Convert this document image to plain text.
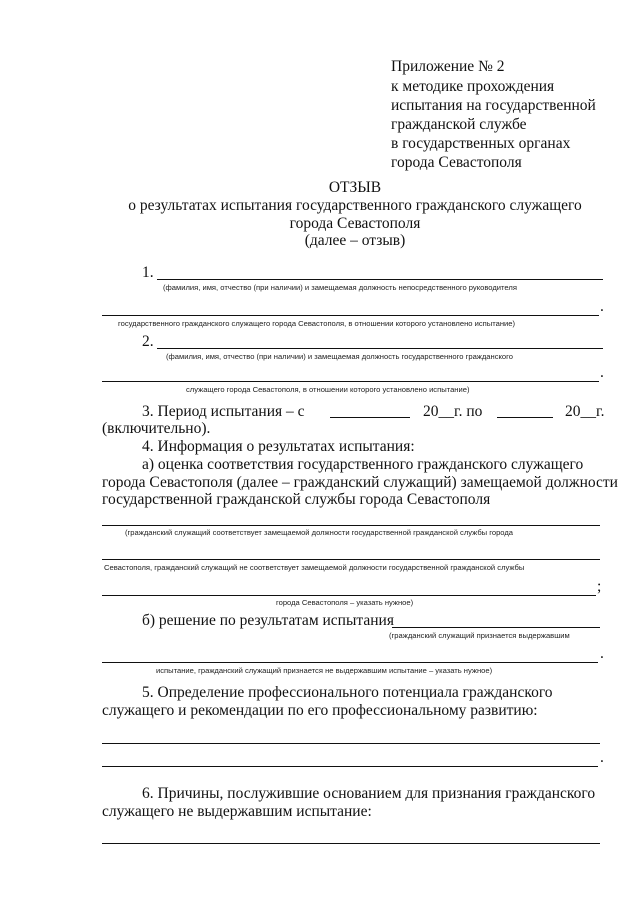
Приложение № 2
к методике прохождения
испытания на государственной
гражданской службе
в государственных органах
города Севастополя
ОТЗЫВ
о результатах испытания государственного гражданского служащего
города Севастополя
(далее – отзыв)
1.
(фамилия, имя, отчество (при наличии) и замещаемая должность непосредственного руководителя
.
государственного гражданского служащего города Севастополя, в отношении которого установлено испытание)
2.
(фамилия, имя, отчество (при наличии) и замещаемая должность государственного гражданского
.
служащего города Севастополя, в отношении которого установлено испытание)
3. Период испытания – с	20__г. по	20__г.
(включительно).
4. Информация о результатах испытания:
а) оценка соответствия государственного гражданского служащего
города Севастополя (далее – гражданский служащий) замещаемой должности
государственной гражданской службы города Севастополя
(гражданский служащий соответствует замещаемой должности государственной гражданской службы города
Севастополя, гражданский служащий не соответствует замещаемой должности государственной гражданской службы
;
города Севастополя – указать нужное)
б) решение по результатам испытания
(гражданский служащий признается выдержавшим
.
испытание, гражданский служащий признается не выдержавшим испытание – указать нужное)
5. Определение профессионального потенциала гражданского
служащего и рекомендации по его профессиональному развитию:
.
6. Причины, послужившие основанием для признания гражданского
служащего не выдержавшим испытание:
